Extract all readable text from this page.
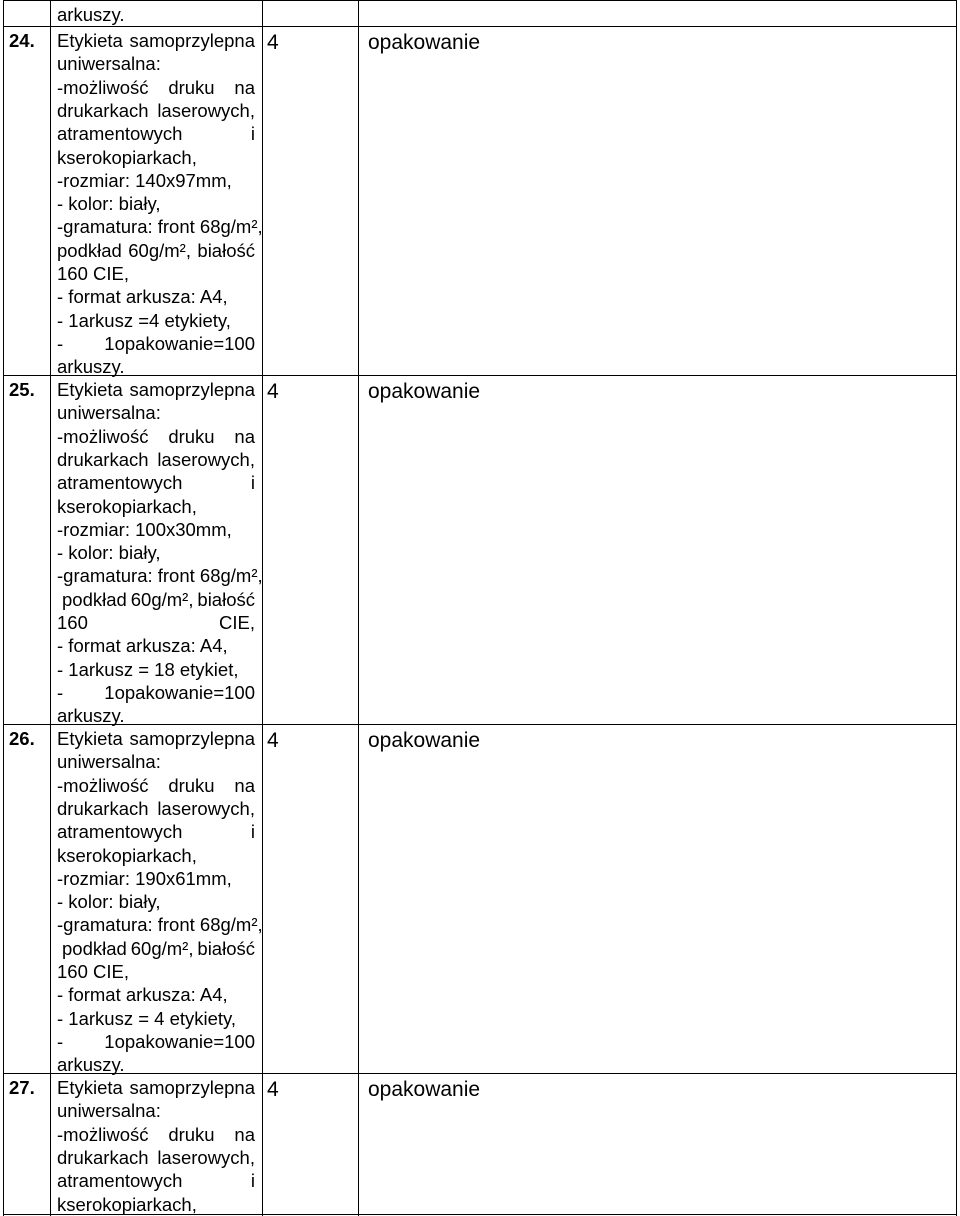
arkuszy.
24. Etykieta samoprzylepna
uniwersalna:
-możliwość druku na
drukarkach laserowych,
atramentowych	i
kserokopiarkach,
-rozmiar: 140x97mm,
- kolor: biały,
-gramatura: front 68g/m²,
podkład 60g/m², białość
160 CIE,
- format arkusza: A4,
- 1arkusz =4 etykiety,
- 1opakowanie=100
arkuszy.
4	opakowanie
25. Etykieta samoprzylepna
uniwersalna:
-możliwość druku na
drukarkach laserowych,
atramentowych	i
kserokopiarkach,
-rozmiar: 100x30mm,
- kolor: biały,
-gramatura: front 68g/m²,
podkład 60g/m², białość
160	CIE,
- format arkusza: A4,
- 1arkusz = 18 etykiet,
- 1opakowanie=100
arkuszy.
4	opakowanie
26. Etykieta samoprzylepna
uniwersalna:
-możliwość druku na
drukarkach laserowych,
atramentowych	i
kserokopiarkach,
-rozmiar: 190x61mm,
- kolor: biały,
-gramatura: front 68g/m²,
podkład 60g/m², białość
160 CIE,
- format arkusza: A4,
- 1arkusz = 4 etykiety,
- 1opakowanie=100
arkuszy.
4	opakowanie
27. Etykieta samoprzylepna
uniwersalna:
-możliwość druku na
drukarkach laserowych,
atramentowych	i
kserokopiarkach,
4	opakowanie
